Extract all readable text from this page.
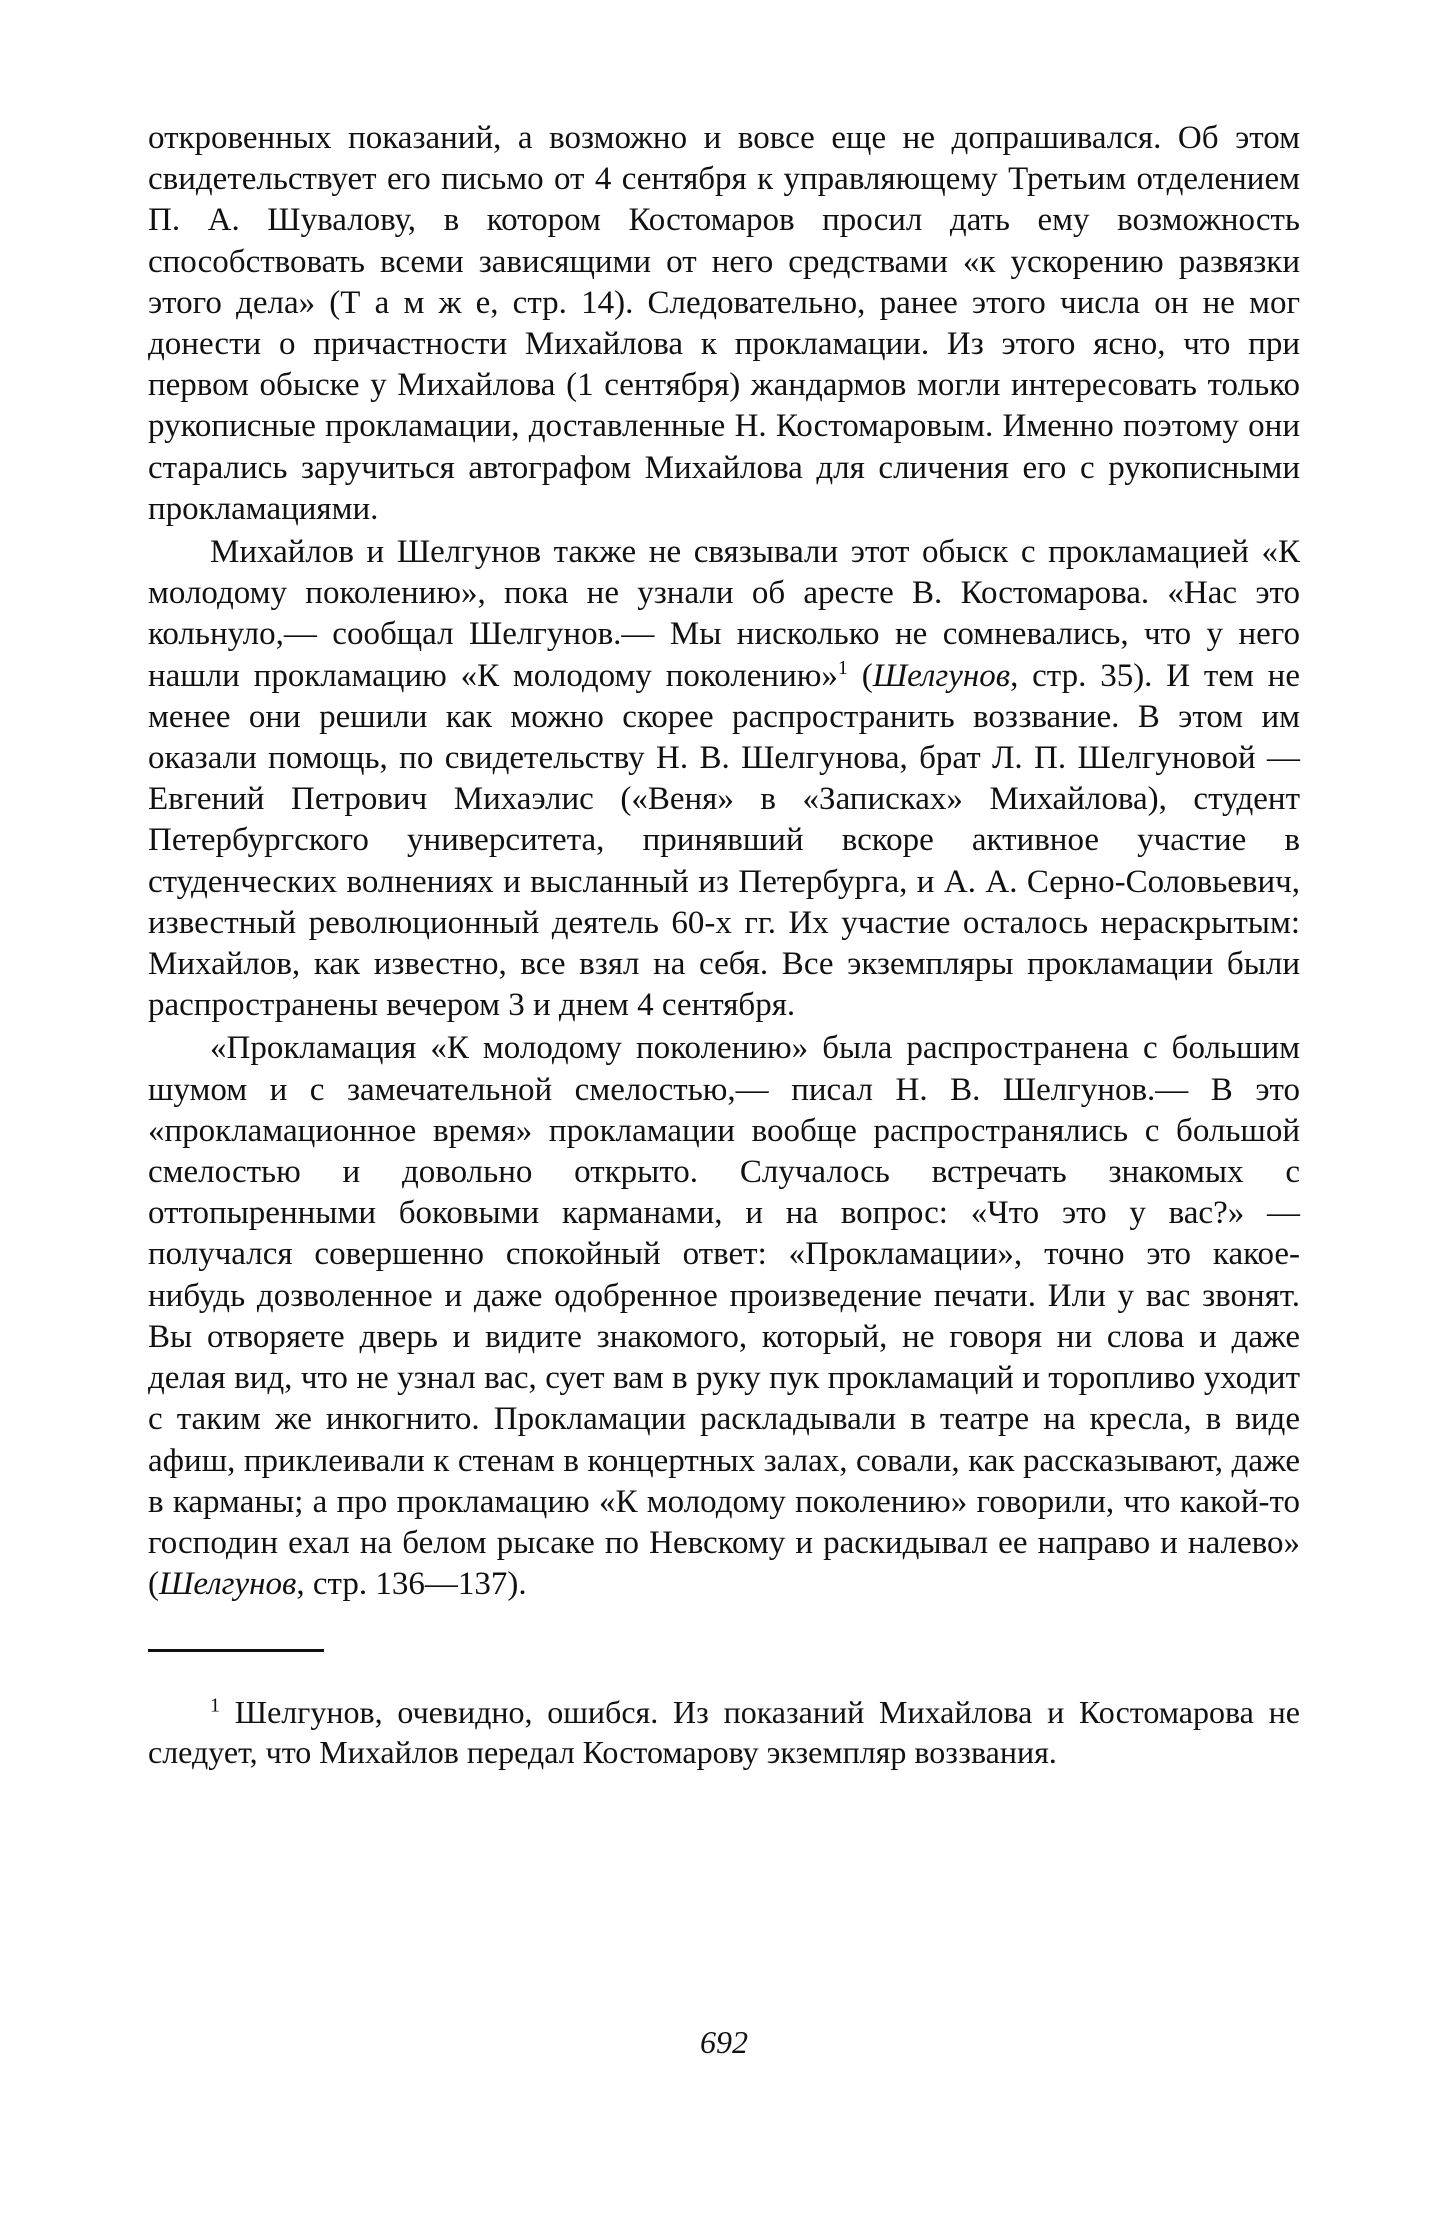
откровенных показаний, а возможно и вовсе еще не допрашивался. Об этом свидетельствует его письмо от 4 сентября к управляющему Третьим отделением П. А. Шувалову, в котором Костомаров просил дать ему возможность способствовать всеми зависящими от него средствами «к ускорению развязки этого дела» (Т а м ж е, стр. 14). Следовательно, ранее этого числа он не мог донести о причастности Михайлова к прокламации. Из этого ясно, что при первом обыске у Михайлова (1 сентября) жандармов могли интересовать только рукописные прокламации, доставленные Н. Костомаровым. Именно поэтому они старались заручиться автографом Михайлова для сличения его с рукописными прокламациями.

Михайлов и Шелгунов также не связывали этот обыск с прокламацией «К молодому поколению», пока не узнали об аресте В. Костомарова. «Нас это кольнуло,— сообщал Шелгунов.— Мы нисколько не сомневались, что у него нашли прокламацию «К молодому поколению»$^1$ (Шелгунов, стр. 35). И тем не менее они решили как можно скорее распространить воззвание. В этом им оказали помощь, по свидетельству Н. В. Шелгунова, брат Л. П. Шелгуновой — Евгений Петрович Михаэлис («Веня» в «Записках» Михайлова), студент Петербургского университета, принявший вскоре активное участие в студенческих волнениях и высланный из Петербурга, и А. А. Серно-Соловьевич, известный революционный деятель 60-х гг. Их участие осталось нераскрытым: Михайлов, как известно, все взял на себя. Все экземпляры прокламации были распространены вечером 3 и днем 4 сентября.

«Прокламация «К молодому поколению» была распространена с большим шумом и с замечательной смелостью,— писал Н. В. Шелгунов.— В это «прокламационное время» прокламации вообще распространялись с большой смелостью и довольно открыто. Случалось встречать знакомых с оттопыренными боковыми карманами, и на вопрос: «Что это у вас?» — получался совершенно спокойный ответ: «Прокламации», точно это какое-нибудь дозволенное и даже одобренное произведение печати. Или у вас звонят. Вы отворяете дверь и видите знакомого, который, не говоря ни слова и даже делая вид, что не узнал вас, сует вам в руку пук прокламаций и торопливо уходит с таким же инкогнито. Прокламации раскладывали в театре на кресла, в виде афиш, приклеивали к стенам в концертных залах, совали, как рассказывают, даже в карманы; а про прокламацию «К молодому поколению» говорили, что какой-то господин ехал на белом рысаке по Невскому и раскидывал ее направо и налево» (Шелгунов, стр. 136—137).

$^1$ Шелгунов, очевидно, ошибся. Из показаний Михайлова и Костомарова не следует, что Михайлов передал Костомарову экземпляр воззвания.

692
